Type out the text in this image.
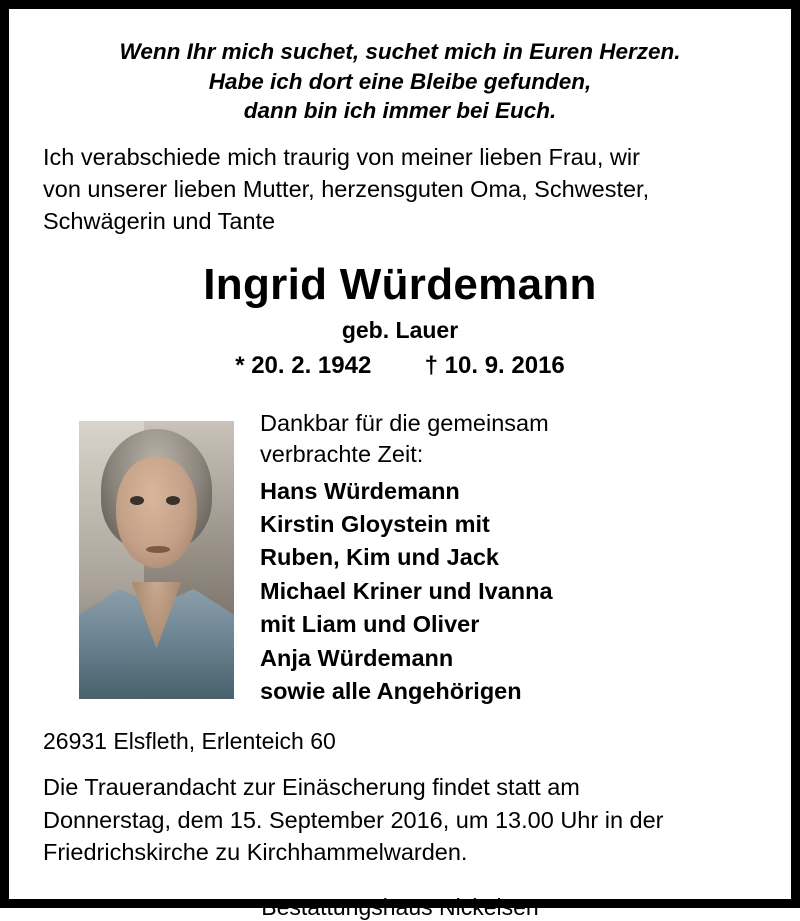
Wenn Ihr mich suchet, suchet mich in Euren Herzen.
Habe ich dort eine Bleibe gefunden,
dann bin ich immer bei Euch.
Ich verabschiede mich traurig von meiner lieben Frau, wir
von unserer lieben Mutter, herzensguten Oma, Schwester,
Schwägerin und Tante
Ingrid Würdemann
geb. Lauer
* 20. 2. 1942        † 10. 9. 2016
Dankbar für die gemeinsam
verbrachte Zeit:
Hans Würdemann
Kirstin Gloystein mit
Ruben, Kim und Jack
Michael Kriner und Ivanna
mit Liam und Oliver
Anja Würdemann
sowie alle Angehörigen
26931 Elsfleth, Erlenteich 60
Die Trauerandacht zur Einäscherung findet statt am
Donnerstag, dem 15. September 2016, um 13.00 Uhr in der
Friedrichskirche zu Kirchhammelwarden.
Bestattungshaus Nickelsen
